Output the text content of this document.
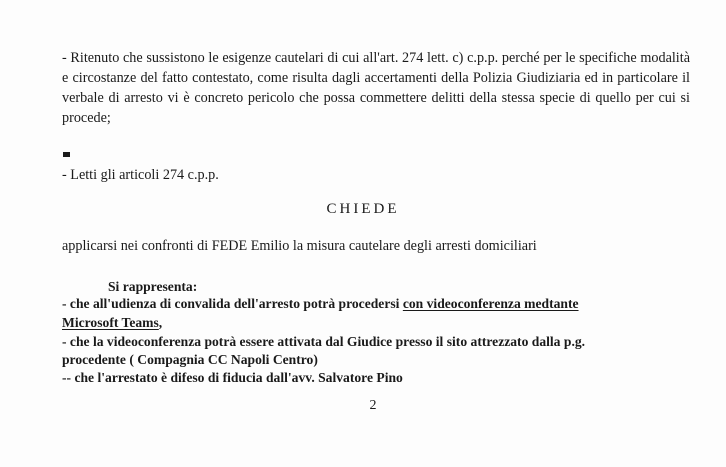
- Ritenuto che sussistono le esigenze cautelari di cui all'art. 274 lett. c) c.p.p. perché per le specifiche modalità e circostanze del fatto contestato, come risulta dagli accertamenti della Polizia Giudiziaria ed in particolare il verbale di arresto vi è concreto pericolo che possa commettere delitti della stessa specie di quello per cui si procede;
- Letti gli articoli 274 c.p.p.
CHIEDE
applicarsi nei confronti di FEDE Emilio la misura cautelare degli arresti domiciliari
Si rappresenta:
- che all'udienza di convalida dell'arresto potrà procedersi con videoconferenza medtante
Microsoft Teams,
- che la videoconferenza potrà essere attivata dal Giudice presso il sito attrezzato dalla p.g.
procedente ( Compagnia CC Napoli Centro)
-- che l'arrestato è difeso di fiducia dall'avv. Salvatore Pino
2
